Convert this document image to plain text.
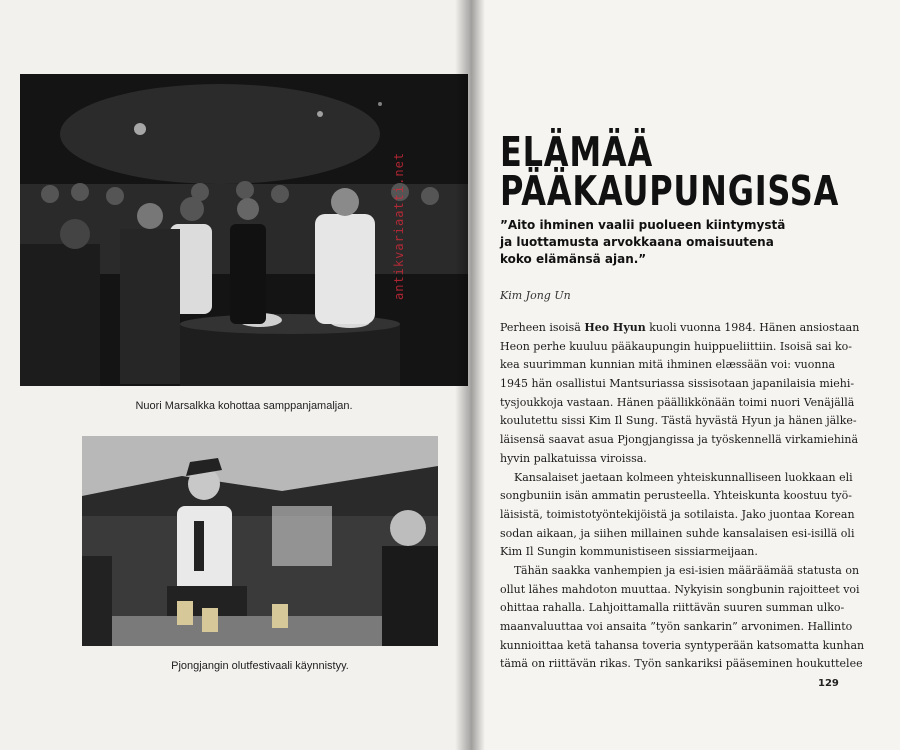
Nuori Marsalkka kohottaa samppanjamaljan.
Pjongjangin olutfestivaali käynnistyy.
antikvariaatti.net ELÄMÄÄ
PÄÄKAUPUNGISSA
”Aito ihminen vaalii puolueen kiintymystä
ja luottamusta arvokkaana omaisuutena
koko elämänsä ajan.”
Kim Jong Un
Perheen isoisä Heo Hyun kuoli vuonna 1984. Hänen ansiostaan
Heon perhe kuuluu pääkaupungin huippueliittiin. Isoisä sai ko-
kea suurimman kunnian mitä ihminen elæssään voi: vuonna
1945 hän osallistui Mantsuriassa sissisotaan japanilaisia miehi-
tysjoukkoja vastaan. Hänen päällikkönään toimi nuori Venäjällä
koulutettu sissi Kim Il Sung. Tästä hyvästä Hyun ja hänen jälke-
läisensä saavat asua Pjongjangissa ja työskennellä virkamiehinä
hyvin palkatuissa viroissa.
Kansalaiset jaetaan kolmeen yhteiskunnalliseen luokkaan eli
songbuniin isän ammatin perusteella. Yhteiskunta koostuu työ-
läisistä, toimistotyöntekijöistä ja sotilaista. Jako juontaa Korean
sodan aikaan, ja siihen millainen suhde kansalaisen esi-isillä oli
Kim Il Sungin kommunistiseen sissiarmeijaan.
Tähän saakka vanhempien ja esi-isien määräämää statusta on
ollut lähes mahdoton muuttaa. Nykyisin songbunin rajoitteet voi
ohittaa rahalla. Lahjoittamalla riittävän suuren summan ulko-
maanvaluuttaa voi ansaita ”työn sankarin” arvonimen. Hallinto
kunnioittaa ketä tahansa toveria syntyperään katsomatta kunhan
tämä on riittävän rikas. Työn sankariksi pääseminen houkuttelee
129
